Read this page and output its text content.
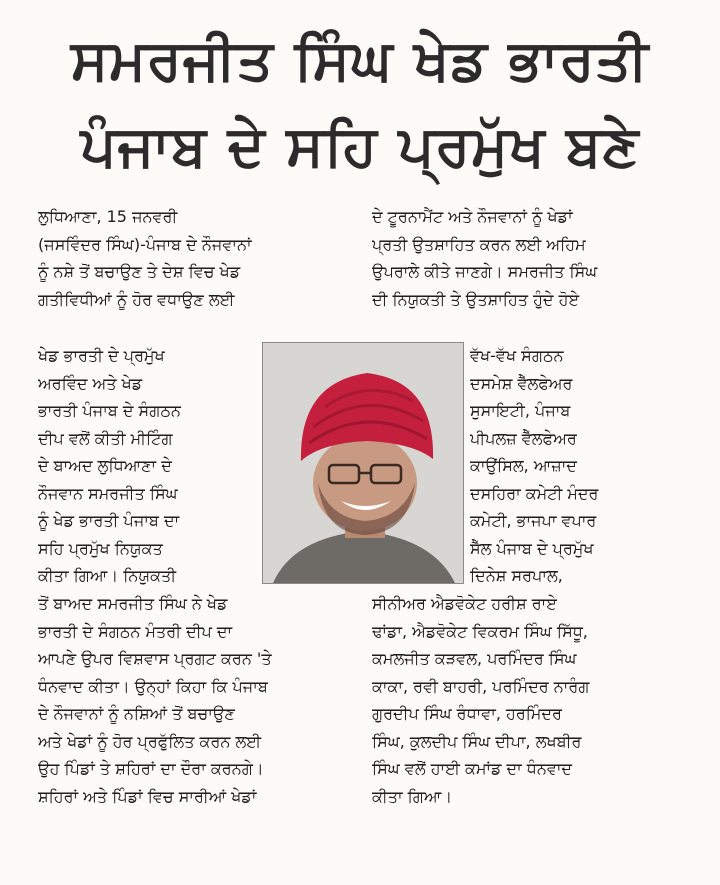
ਸਮਰਜੀਤ ਸਿੰਘ ਖੇਡ ਭਾਰਤੀ
ਪੰਜਾਬ ਦੇ ਸਹਿ ਪ੍ਰਮੁੱਖ ਬਣੇ
ਲੁਧਿਆਣਾ, 15 ਜਨਵਰੀ
(ਜਸਵਿੰਦਰ ਸਿੰਘ)-ਪੰਜਾਬ ਦੇ ਨੌਜਵਾਨਾਂ
ਨੂੰ ਨਸ਼ੇ ਤੋਂ ਬਚਾਉਣ ਤੇ ਦੇਸ਼ ਵਿਚ ਖੇਡ
ਗਤੀਵਿਧੀਆਂ ਨੂੰ ਹੋਰ ਵਧਾਉਣ ਲਈ
ਖੇਡ ਭਾਰਤੀ ਦੇ ਪ੍ਰਮੁੱਖ
ਅਰਵਿੰਦ ਅਤੇ ਖੇਡ
ਭਾਰਤੀ ਪੰਜਾਬ ਦੇ ਸੰਗਠਨ
ਦੀਪ ਵਲੋਂ ਕੀਤੀ ਮੀਟਿੰਗ
ਦੇ ਬਾਅਦ ਲੁਧਿਆਣਾ ਦੇ
ਨੌਜਵਾਨ ਸਮਰਜੀਤ ਸਿੰਘ
ਨੂੰ ਖੇਡ ਭਾਰਤੀ ਪੰਜਾਬ ਦਾ
ਸਹਿ ਪ੍ਰਮੁੱਖ ਨਿਯੁਕਤ
ਕੀਤਾ ਗਿਆ। ਨਿਯੁਕਤੀ
ਤੋਂ ਬਾਅਦ ਸਮਰਜੀਤ ਸਿੰਘ ਨੇ ਖੇਡ
ਭਾਰਤੀ ਦੇ ਸੰਗਠਨ ਮੰਤਰੀ ਦੀਪ ਦਾ
ਆਪਣੇ ਉਪਰ ਵਿਸ਼ਵਾਸ ਪ੍ਰਗਟ ਕਰਨ 'ਤੇ
ਧੰਨਵਾਦ ਕੀਤਾ। ਉਨ੍ਹਾਂ ਕਿਹਾ ਕਿ ਪੰਜਾਬ
ਦੇ ਨੌਜਵਾਨਾਂ ਨੂੰ ਨਸ਼ਿਆਂ ਤੋਂ ਬਚਾਉਣ
ਅਤੇ ਖੇਡਾਂ ਨੂੰ ਹੋਰ ਪ੍ਰਫੁੱਲਿਤ ਕਰਨ ਲਈ
ਉਹ ਪਿੰਡਾਂ ਤੇ ਸ਼ਹਿਰਾਂ ਦਾ ਦੌਰਾ ਕਰਨਗੇ।
ਸ਼ਹਿਰਾਂ ਅਤੇ ਪਿੰਡਾਂ ਵਿਚ ਸਾਰੀਆਂ ਖੇਡਾਂ
ਦੇ ਟੂਰਨਾਮੈਂਟ ਅਤੇ ਨੌਜਵਾਨਾਂ ਨੂੰ ਖੇਡਾਂ
ਪ੍ਰਤੀ ਉਤਸ਼ਾਹਿਤ ਕਰਨ ਲਈ ਅਹਿਮ
ਉਪਰਾਲੇ ਕੀਤੇ ਜਾਣਗੇ। ਸਮਰਜੀਤ ਸਿੰਘ
ਦੀ ਨਿਯੁਕਤੀ ਤੇ ਉਤਸ਼ਾਹਿਤ ਹੁੰਦੇ ਹੋਏ
ਵੱਖ-ਵੱਖ ਸੰਗਠਨ
ਦਸਮੇਸ਼ ਵੈੱਲਫੇਅਰ
ਸੁਸਾਇਟੀ, ਪੰਜਾਬ
ਪੀਪਲਜ਼ ਵੈੱਲਫੇਅਰ
ਕਾਉਂਸਿਲ, ਆਜ਼ਾਦ
ਦਸਹਿਰਾ ਕਮੇਟੀ ਮੰਦਰ
ਕਮੇਟੀ, ਭਾਜਪਾ ਵਪਾਰ
ਸੈੱਲ ਪੰਜਾਬ ਦੇ ਪ੍ਰਮੁੱਖ
ਦਿਨੇਸ਼ ਸਰਪਾਲ,
ਸੀਨੀਅਰ ਐਡਵੋਕੇਟ ਹਰੀਸ਼ ਰਾਏ
ਢਾਂਡਾ, ਐਡਵੋਕੇਟ ਵਿਕਰਮ ਸਿੰਘ ਸਿੱਧੂ,
ਕਮਲਜੀਤ ਕੜਵਲ, ਪਰਮਿੰਦਰ ਸਿੰਘ
ਕਾਕਾ, ਰਵੀ ਬਾਹਰੀ, ਪਰਮਿੰਦਰ ਨਾਰੰਗ
ਗੁਰਦੀਪ ਸਿੰਘ ਰੰਧਾਵਾ, ਹਰਮਿੰਦਰ
ਸਿੰਘ, ਕੁਲਦੀਪ ਸਿੰਘ ਦੀਪਾ, ਲਖਬੀਰ
ਸਿੰਘ ਵਲੋਂ ਹਾਈ ਕਮਾਂਡ ਦਾ ਧੰਨਵਾਦ
ਕੀਤਾ ਗਿਆ।
